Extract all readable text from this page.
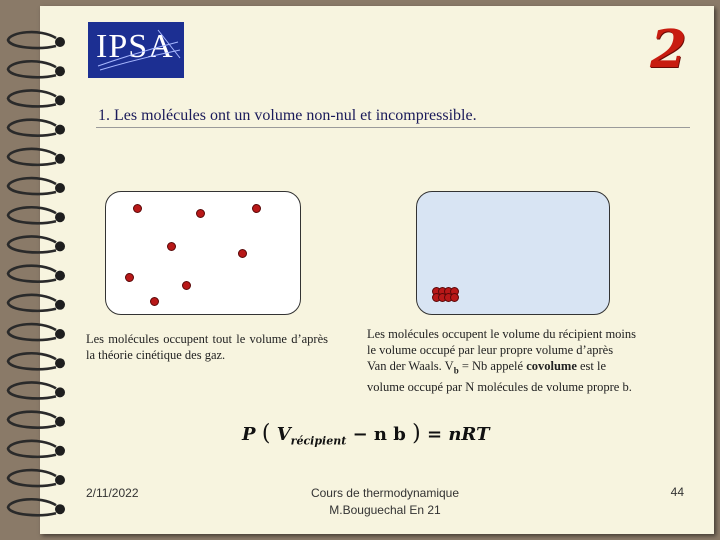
IPSA	2
1. Les molécules ont un volume non-nul et incompressible.
Les molécules occupent tout le volume d’après la théorie cinétique des gaz.
Les molécules occupent le volume du récipient moins
le volume occupé par leur propre volume d’après
Van der Waals. $V_b = Nb$ appelé covolume est le
volume occupé par N molécules de volume propre b.
P ( $V_{récipient} - n$ b ) = nRT
2/11/2022	Cours de thermodynamique
M.Bouguechal En 21
44
